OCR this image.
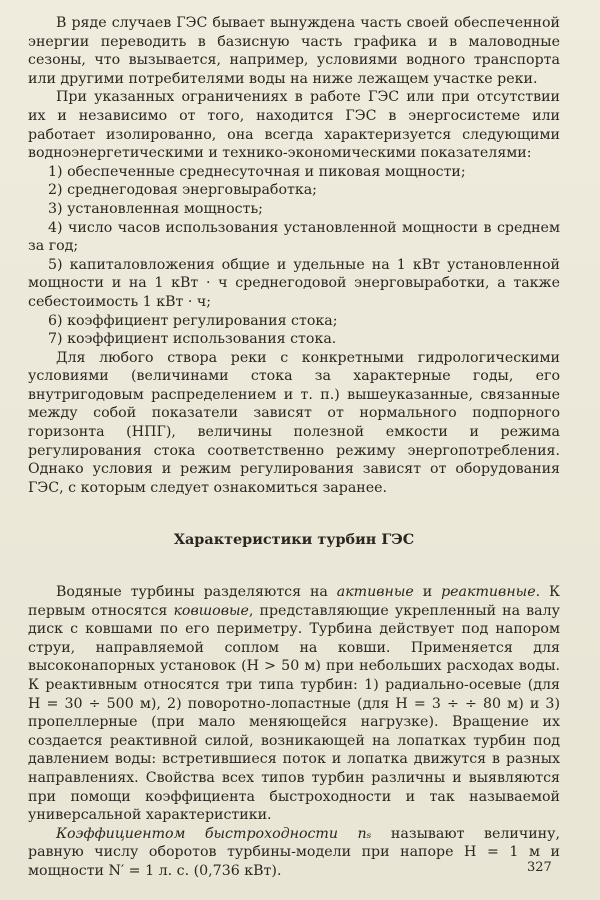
В ряде случаев ГЭС бывает вынуждена часть своей обеспеченной энергии переводить в базисную часть графика и в маловодные сезоны, что вызывается, например, условиями водного транспорта или другими потребителями воды на ниже лежащем участке реки.

При указанных ограничениях в работе ГЭС или при отсутствии их и независимо от того, находится ГЭС в энергосистеме или работает изолированно, она всегда характеризуется следующими водноэнергетическими и технико-экономическими показателями:

1) обеспеченные среднесуточная и пиковая мощности;

2) среднегодовая энерговыработка;

3) установленная мощность;

4) число часов использования установленной мощности в среднем за год;

5) капиталовложения общие и удельные на 1 кВт установленной мощности и на 1 кВт · ч среднегодовой энерговыработки, а также себестоимость 1 кВт · ч;

6) коэффициент регулирования стока;

7) коэффициент использования стока.

Для любого створа реки с конкретными гидрологическими условиями (величинами стока за характерные годы, его внутригодовым распределением и т. п.) вышеуказанные, связанные между собой показатели зависят от нормального подпорного горизонта (НПГ), величины полезной емкости и режима регулирования стока соответственно режиму энергопотребления. Однако условия и режим регулирования зависят от оборудования ГЭС, с которым следует ознакомиться заранее.

Характеристики турбин ГЭС

Водяные турбины разделяются на активные и реактивные. К первым относятся ковшовые, представляющие укрепленный на валу диск с ковшами по его периметру. Турбина действует под напором струи, направляемой соплом на ковши. Применяется для высоконапорных установок (H > 50 м) при небольших расходах воды. К реактивным относятся три типа турбин: 1) радиально-осевые (для H = 30 ÷ 500 м), 2) поворотно-лопастные (для H = 3 ÷ ÷ 80 м) и 3) пропеллерные (при мало меняющейся нагрузке). Вращение их создается реактивной силой, возникающей на лопатках турбин под давлением воды: встретившиеся поток и лопатка движутся в разных направлениях. Свойства всех типов турбин различны и выявляются при помощи коэффициента быстроходности и так называемой универсальной характеристики.

Коэффициентом быстроходности nₛ называют величину, равную числу оборотов турбины-модели при напоре H = 1 м и мощности N′ = 1 л. с. (0,736 кВт).	327
